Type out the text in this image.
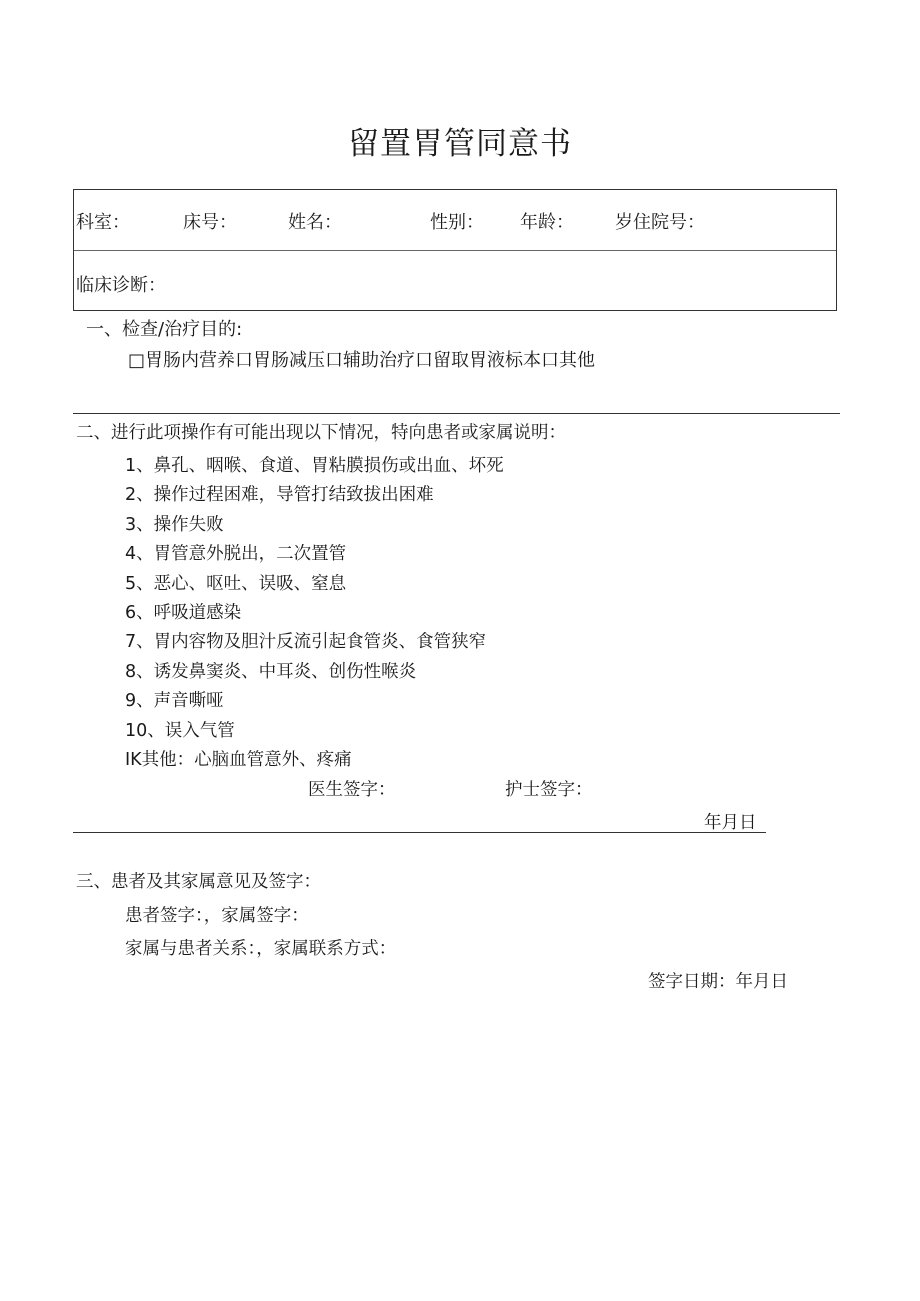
留置胃管同意书
科室：	床号：	姓名：	性别： 年龄： 岁住院号：
临床诊断：
一、检查/治疗目的:
□胃肠内营养口胃肠减压口辅助治疗口留取胃液标本口其他
二、进行此项操作有可能出现以下情况，特向患者或家属说明：
1、鼻孔、咽喉、食道、胃粘膜损伤或出血、坏死
2、操作过程困难，导管打结致拔出困难
3、操作失败
4、胃管意外脱出，二次置管
5、恶心、呕吐、误吸、窒息
6、呼吸道感染
7、胃内容物及胆汁反流引起食管炎、食管狭窄
8、诱发鼻窦炎、中耳炎、创伤性喉炎
9、声音嘶哑
10、误入气管
IK其他：心脑血管意外、疼痛
医生签字：	护士签字：
年月日
三、患者及其家属意见及签字：
患者签字：，家属签字：
家属与患者关系：，家属联系方式：
签字日期：年月日
